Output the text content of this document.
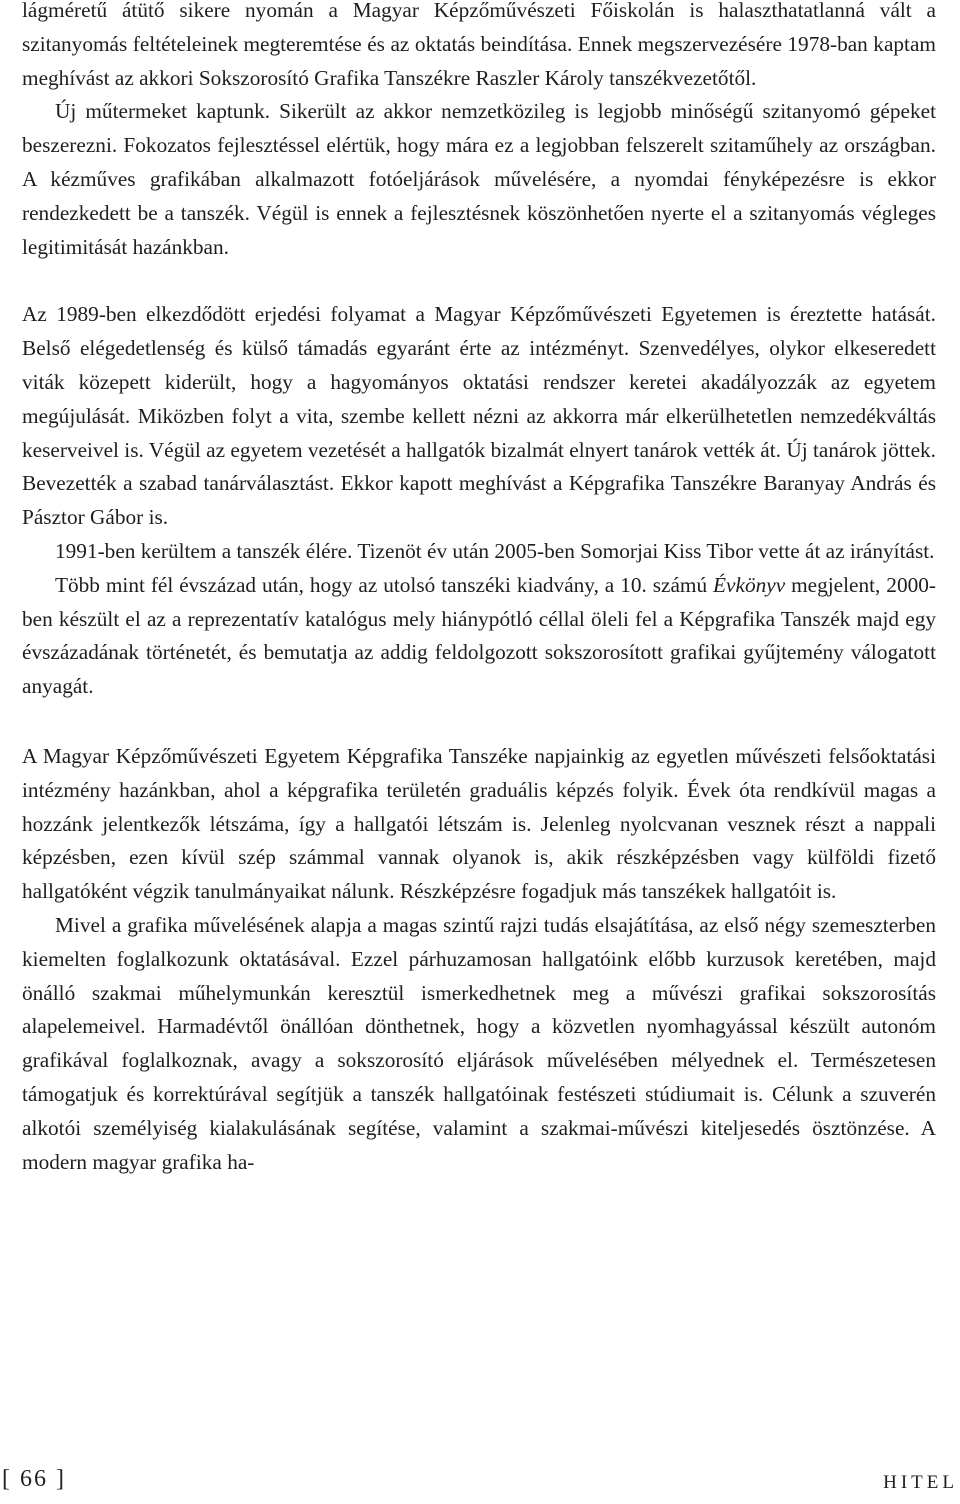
lágméretű átütő sikere nyomán a Magyar Képzőművészeti Főiskolán is halaszthatatlanná vált a szitanyomás feltételeinek megteremtése és az oktatás beindítása. Ennek megszervezésére 1978-ban kaptam meghívást az akkori Sokszorosító Grafika Tanszékre Raszler Károly tanszékvezetőtől.

Új műtermeket kaptunk. Sikerült az akkor nemzetközileg is legjobb minőségű szitanyomó gépeket beszerezni. Fokozatos fejlesztéssel elértük, hogy mára ez a legjobban felszerelt szitaműhely az országban. A kézműves grafikában alkalmazott fotóeljárások művelésére, a nyomdai fényképezésre is ekkor rendezkedett be a tanszék. Végül is ennek a fejlesztésnek köszönhetően nyerte el a szitanyomás végleges legitimitását hazánkban.

Az 1989-ben elkezdődött erjedési folyamat a Magyar Képzőművészeti Egyetemen is éreztette hatását. Belső elégedetlenség és külső támadás egyaránt érte az intézményt. Szenvedélyes, olykor elkeseredett viták közepett kiderült, hogy a hagyományos oktatási rendszer keretei akadályozzák az egyetem megújulását. Miközben folyt a vita, szembe kellett nézni az akkorra már elkerülhetetlen nemzedékváltás keserveivel is. Végül az egyetem vezetését a hallgatók bizalmát elnyert tanárok vették át. Új tanárok jöttek. Bevezették a szabad tanárválasztást. Ekkor kapott meghívást a Képgrafika Tanszékre Baranyay András és Pásztor Gábor is.

1991-ben kerültem a tanszék élére. Tizenöt év után 2005-ben Somorjai Kiss Tibor vette át az irányítást.

Több mint fél évszázad után, hogy az utolsó tanszéki kiadvány, a 10. számú Évkönyv megjelent, 2000-ben készült el az a reprezentatív katalógus mely hiánypótló céllal öleli fel a Képgrafika Tanszék majd egy évszázadának történetét, és bemutatja az addig feldolgozott sokszorosított grafikai gyűjtemény válogatott anyagát.

A Magyar Képzőművészeti Egyetem Képgrafika Tanszéke napjainkig az egyetlen művészeti felsőoktatási intézmény hazánkban, ahol a képgrafika területén graduális képzés folyik. Évek óta rendkívül magas a hozzánk jelentkezők létszáma, így a hallgatói létszám is. Jelenleg nyolcvanan vesznek részt a nappali képzésben, ezen kívül szép számmal vannak olyanok is, akik részképzésben vagy külföldi fizető hallgatóként végzik tanulmányaikat nálunk. Részképzésre fogadjuk más tanszékek hallgatóit is.

Mivel a grafika művelésének alapja a magas szintű rajzi tudás elsajátítása, az első négy szemeszterben kiemelten foglalkozunk oktatásával. Ezzel párhuzamosan hallgatóink előbb kurzusok keretében, majd önálló szakmai műhelymunkán keresztül ismerkedhetnek meg a művészi grafikai sokszorosítás alapelemeivel. Harmadévtől önállóan dönthetnek, hogy a közvetlen nyomhagyással készült autonóm grafikával foglalkoznak, avagy a sokszorosító eljárások művelésében mélyednek el. Természetesen támogatjuk és korrektúrával segítjük a tanszék hallgatóinak festészeti stúdiumait is. Célunk a szuverén alkotói személyiség kialakulásának segítése, valamint a szakmai-művészi kiteljesedés ösztönzése. A modern magyar grafika ha-

[ 66 ]	HITEL
